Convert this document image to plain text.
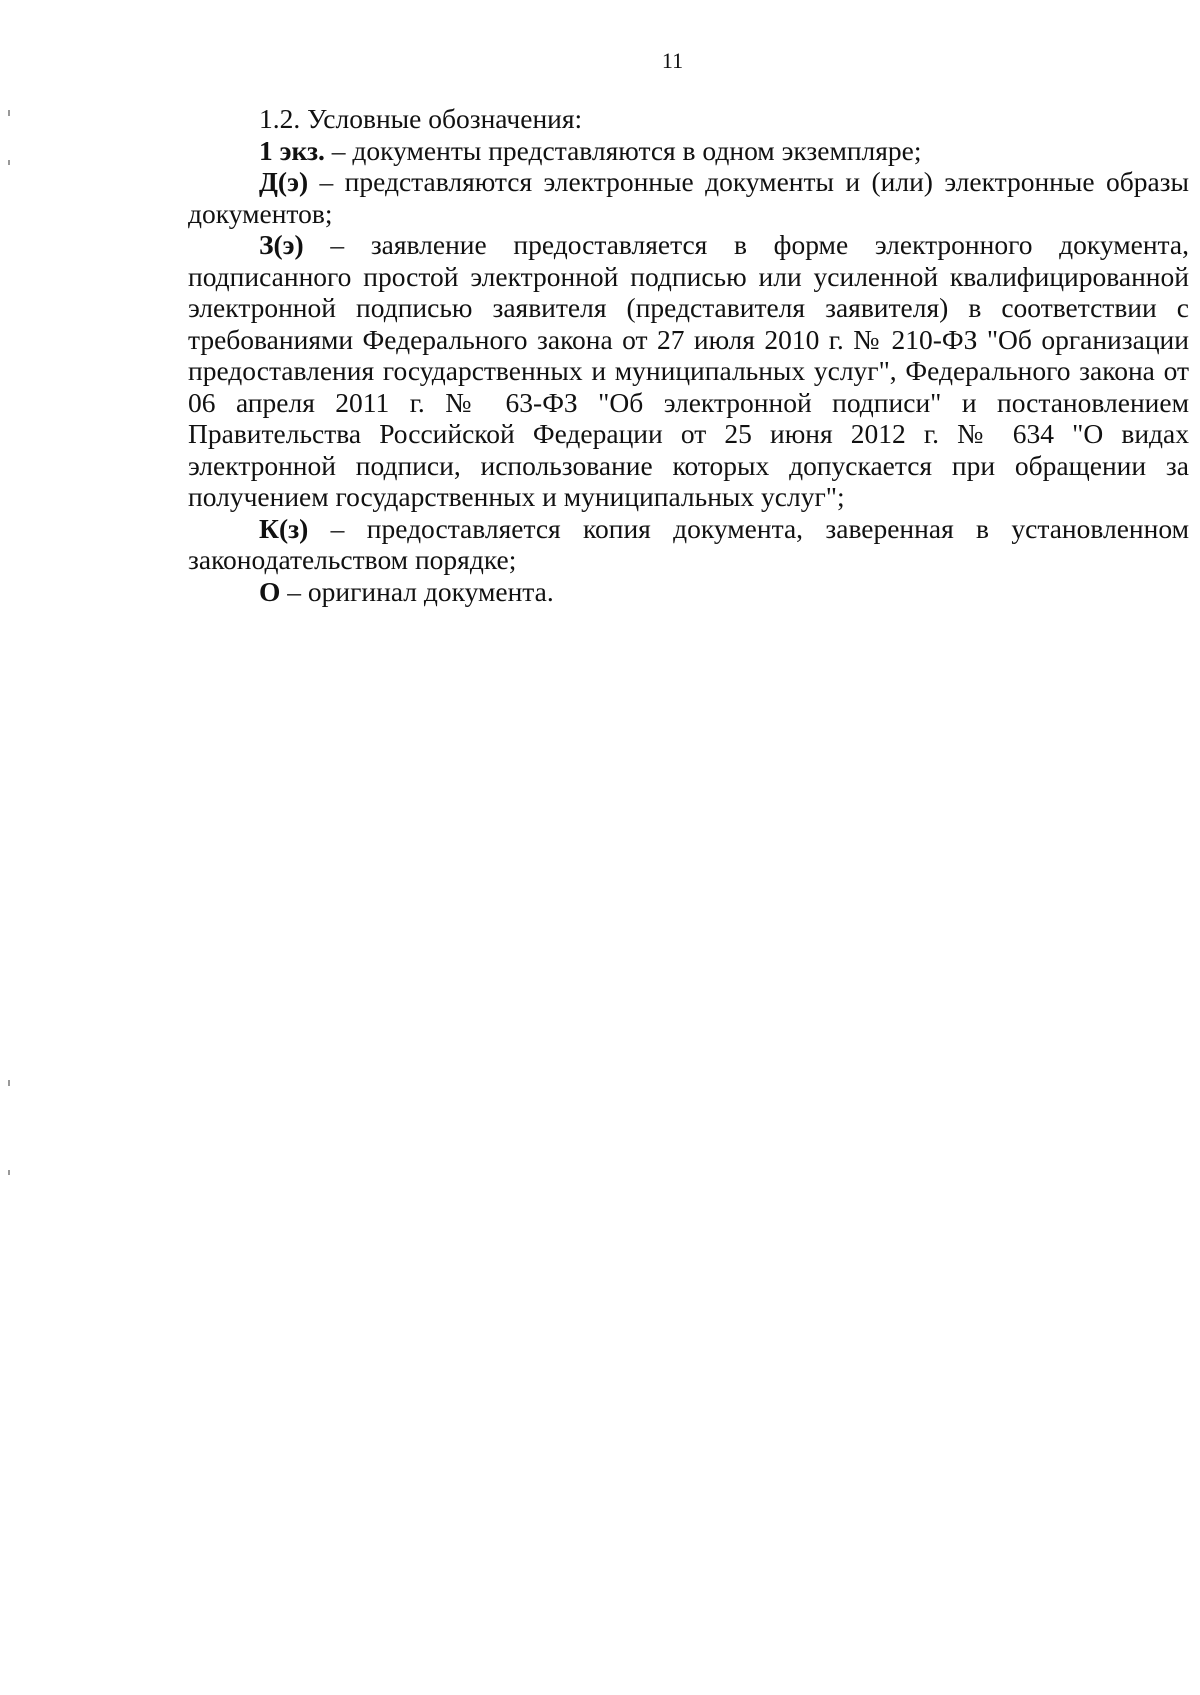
11

1.2. Условные обозначения:

1 экз. – документы представляются в одном экземпляре;

Д(э) – представляются электронные документы и (или) электронные образы документов;

З(э) – заявление предоставляется в форме электронного документа, подписанного простой электронной подписью или усиленной квалифицированной электронной подписью заявителя (представителя заявителя) в соответствии с требованиями Федерального закона от 27 июля 2010 г. № 210-ФЗ "Об организации предоставления государственных и муниципальных услуг", Федерального закона от 06 апреля 2011 г. № 63-ФЗ "Об электронной подписи" и постановлением Правительства Российской Федерации от 25 июня 2012 г. № 634 "О видах электронной подписи, использование которых допускается при обращении за получением государственных и муниципальных услуг";

К(з) – предоставляется копия документа, заверенная в установленном законодательством порядке;

О – оригинал документа.
